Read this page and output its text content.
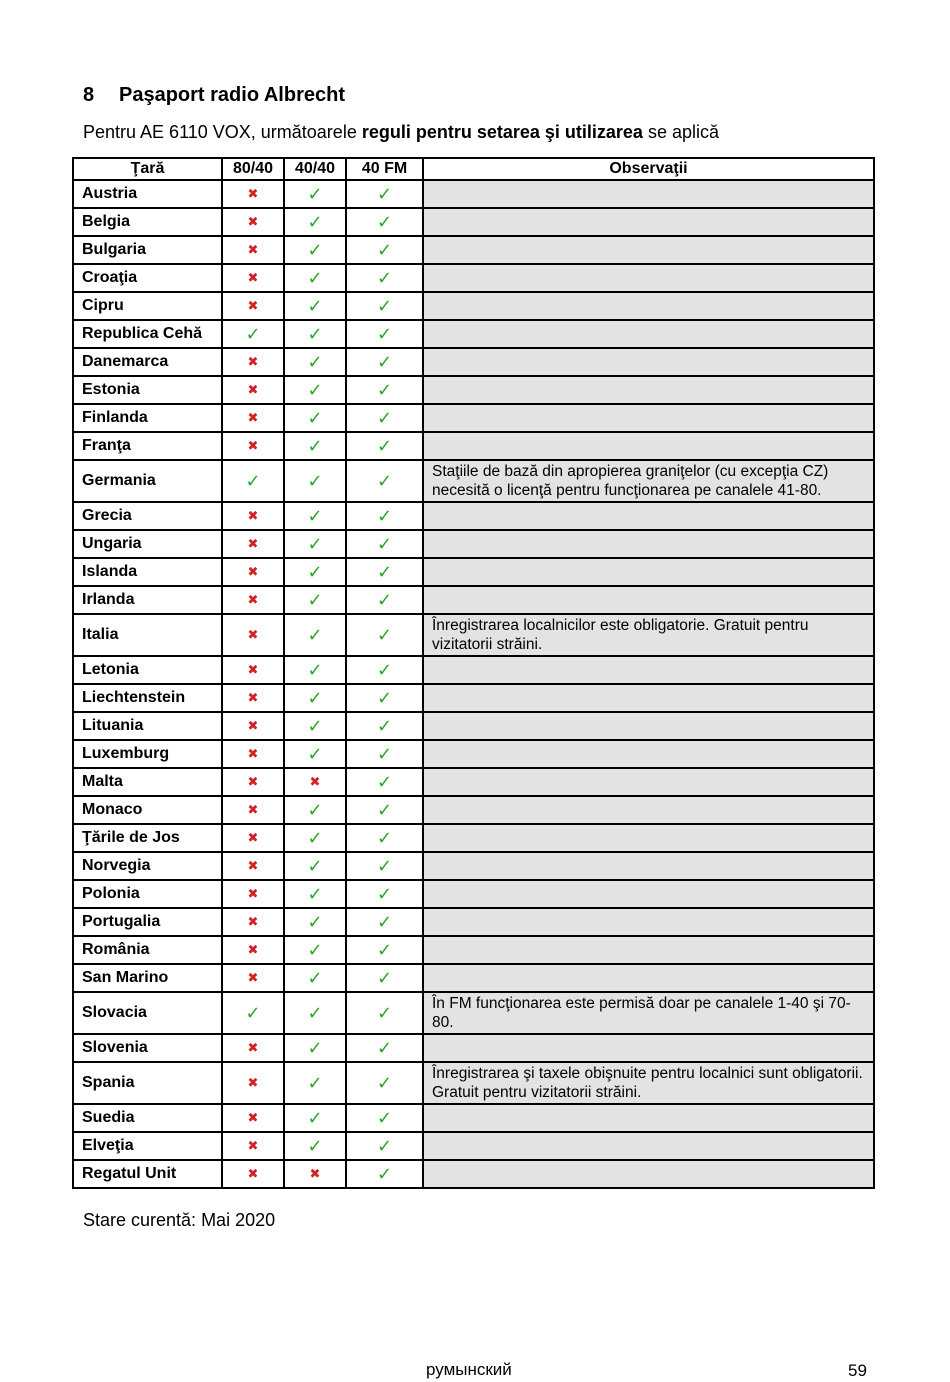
8 Paşaport radio Albrecht
Pentru AE 6110 VOX, următoarele reguli pentru setarea şi utilizarea se aplică
Ţară	80/40	40/40	40 FM	Observaţii
Austria	✖	✓	✓	
Belgia	✖	✓	✓	
Bulgaria	✖	✓	✓	
Croaţia	✖	✓	✓	
Cipru	✖	✓	✓	
Republica Cehă	✓	✓	✓	
Danemarca	✖	✓	✓	
Estonia	✖	✓	✓	
Finlanda	✖	✓	✓	
Franţa	✖	✓	✓	
Germania	✓	✓	✓	Staţiile de bază din apropierea graniţelor (cu excepţia CZ) necesită o licenţă pentru funcţionarea pe canalele 41-80.
Grecia	✖	✓	✓	
Ungaria	✖	✓	✓	
Islanda	✖	✓	✓	
Irlanda	✖	✓	✓	
Italia	✖	✓	✓	Înregistrarea localnicilor este obligatorie. Gratuit pentru vizitatorii străini.
Letonia	✖	✓	✓	
Liechtenstein	✖	✓	✓	
Lituania	✖	✓	✓	
Luxemburg	✖	✓	✓	
Malta	✖	✖	✓	
Monaco	✖	✓	✓	
Ţările de Jos	✖	✓	✓	
Norvegia	✖	✓	✓	
Polonia	✖	✓	✓	
Portugalia	✖	✓	✓	
România	✖	✓	✓	
San Marino	✖	✓	✓	
Slovacia	✓	✓	✓	În FM funcţionarea este permisă doar pe canalele 1-40 şi 70-80.
Slovenia	✖	✓	✓	
Spania	✖	✓	✓	Înregistrarea şi taxele obişnuite pentru localnici sunt obligatorii. Gratuit pentru vizitatorii străini.
Suedia	✖	✓	✓	
Elveţia	✖	✓	✓	
Regatul Unit	✖	✖	✓	
Stare curentă: Mai 2020
румынский	59
